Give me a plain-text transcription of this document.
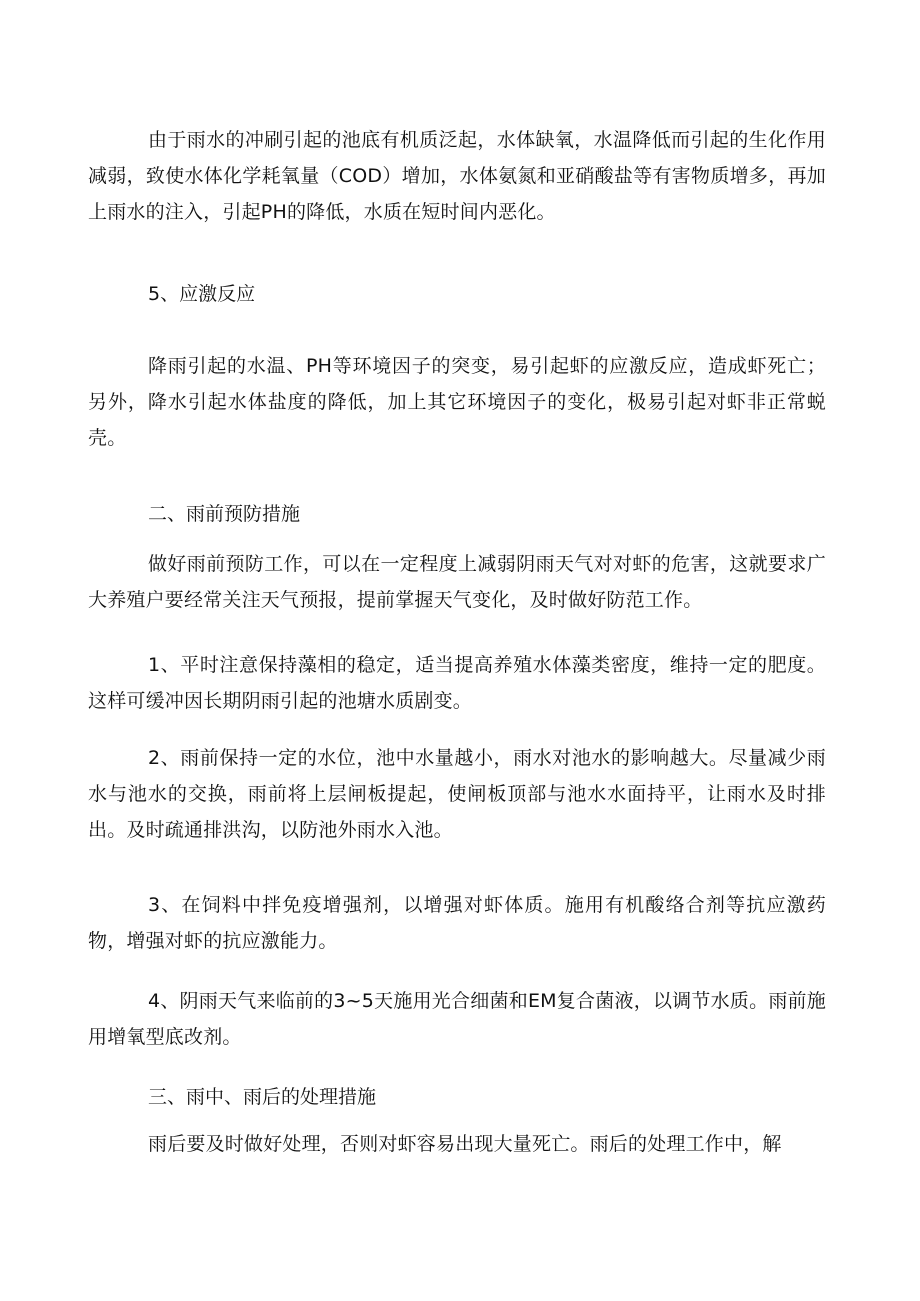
由于雨水的冲刷引起的池底有机质泛起，水体缺氧，水温降低而引起的生化作用减弱，致使水体化学耗氧量（COD）增加，水体氨氮和亚硝酸盐等有害物质增多，再加上雨水的注入，引起PH的降低，水质在短时间内恶化。

5、应激反应

降雨引起的水温、PH等环境因子的突变，易引起虾的应激反应，造成虾死亡；另外，降水引起水体盐度的降低，加上其它环境因子的变化，极易引起对虾非正常蜕壳。

二、雨前预防措施

做好雨前预防工作，可以在一定程度上减弱阴雨天气对对虾的危害，这就要求广大养殖户要经常关注天气预报，提前掌握天气变化，及时做好防范工作。

1、平时注意保持藻相的稳定，适当提高养殖水体藻类密度，维持一定的肥度。这样可缓冲因长期阴雨引起的池塘水质剧变。

2、雨前保持一定的水位，池中水量越小，雨水对池水的影响越大。尽量减少雨水与池水的交换，雨前将上层闸板提起，使闸板顶部与池水水面持平，让雨水及时排出。及时疏通排洪沟，以防池外雨水入池。

3、在饲料中拌免疫增强剂，以增强对虾体质。施用有机酸络合剂等抗应激药物，增强对虾的抗应激能力。

4、阴雨天气来临前的3~5天施用光合细菌和EM复合菌液，以调节水质。雨前施用增氧型底改剂。

三、雨中、雨后的处理措施

雨后要及时做好处理，否则对虾容易出现大量死亡。雨后的处理工作中，解
